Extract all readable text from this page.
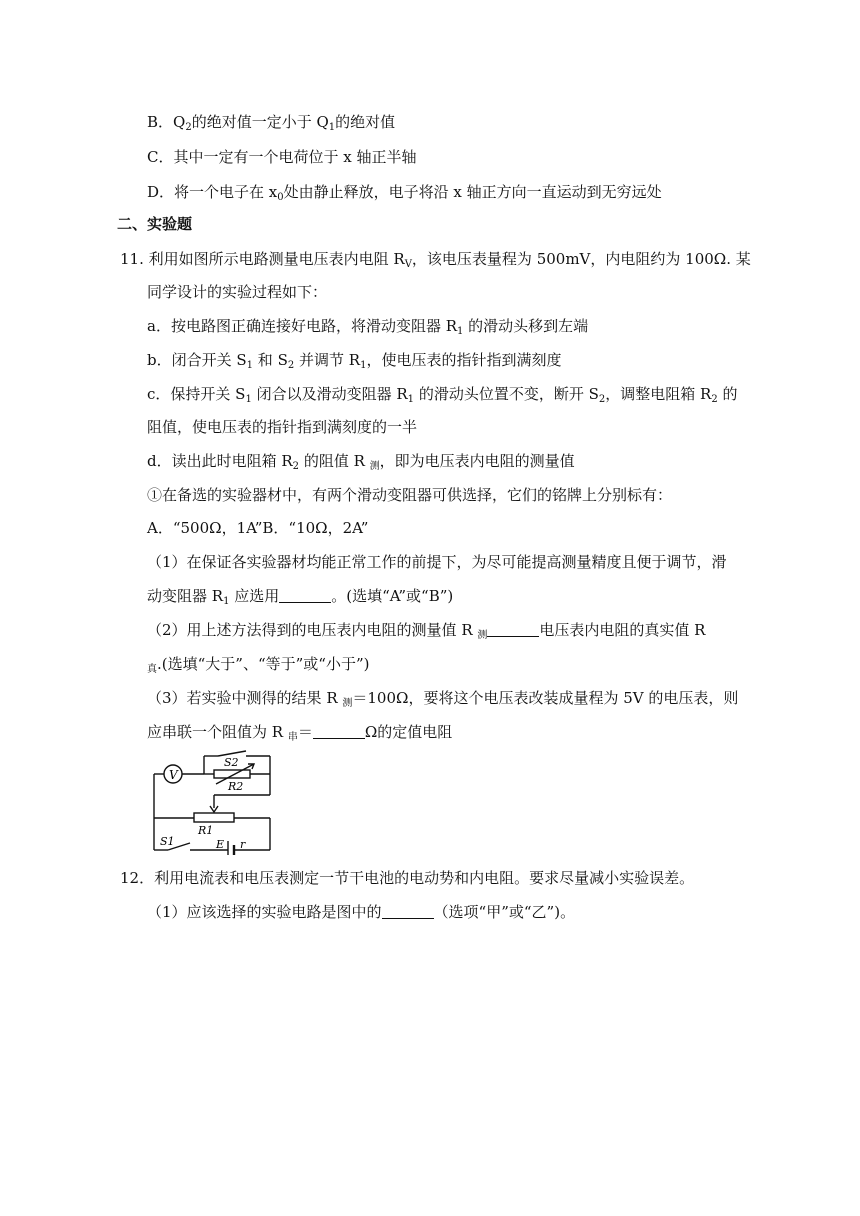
B．$Q_2$的绝对值一定小于 $Q_1$的绝对值
C．其中一定有一个电荷位于 x 轴正半轴
D．将一个电子在 $x_0$处由静止释放，电子将沿 x 轴正方向一直运动到无穷远处
二、实验题
11. 利用如图所示电路测量电压表内电阻 $R_V$，该电压表量程为 500mV，内电阻约为 100Ω. 某
同学设计的实验过程如下：
a．按电路图正确连接好电路，将滑动变阻器 $R_1$ 的滑动头移到左端
b．闭合开关 $S_1$ 和 $S_2$ 并调节 $R_1$，使电压表的指针指到满刻度
c．保持开关 $S_1$ 闭合以及滑动变阻器 $R_1$ 的滑动头位置不变，断开 $S_2$，调整电阻箱 $R_2$ 的
阻值，使电压表的指针指到满刻度的一半
d．读出此时电阻箱 $R_2$ 的阻值 R $_测$，即为电压表内电阻的测量值
①在备选的实验器材中，有两个滑动变阻器可供选择，它们的铭牌上分别标有：
A．“500Ω，1A”B．“10Ω，2A”
（1）在保证各实验器材均能正常工作的前提下，为尽可能提高测量精度且便于调节，滑
动变阻器 $R_1$ 应选用	。(选填“A”或“B”)
（2）用上述方法得到的电压表内电阻的测量值 R $_测$	电压表内电阻的真实值 R
$_真$.(选填“大于”、“等于”或“小于”)
（3）若实验中测得的结果 R $_测$＝100Ω，要将这个电压表改装成量程为 5V 的电压表，则
应串联一个阻值为 R $_串$＝	Ω的定值电阻
V
S2
R2
R1
S1	E r
12．利用电流表和电压表测定一节干电池的电动势和内电阻。要求尽量减小实验误差。
（1）应该选择的实验电路是图中的	（选项“甲”或“乙”)。
